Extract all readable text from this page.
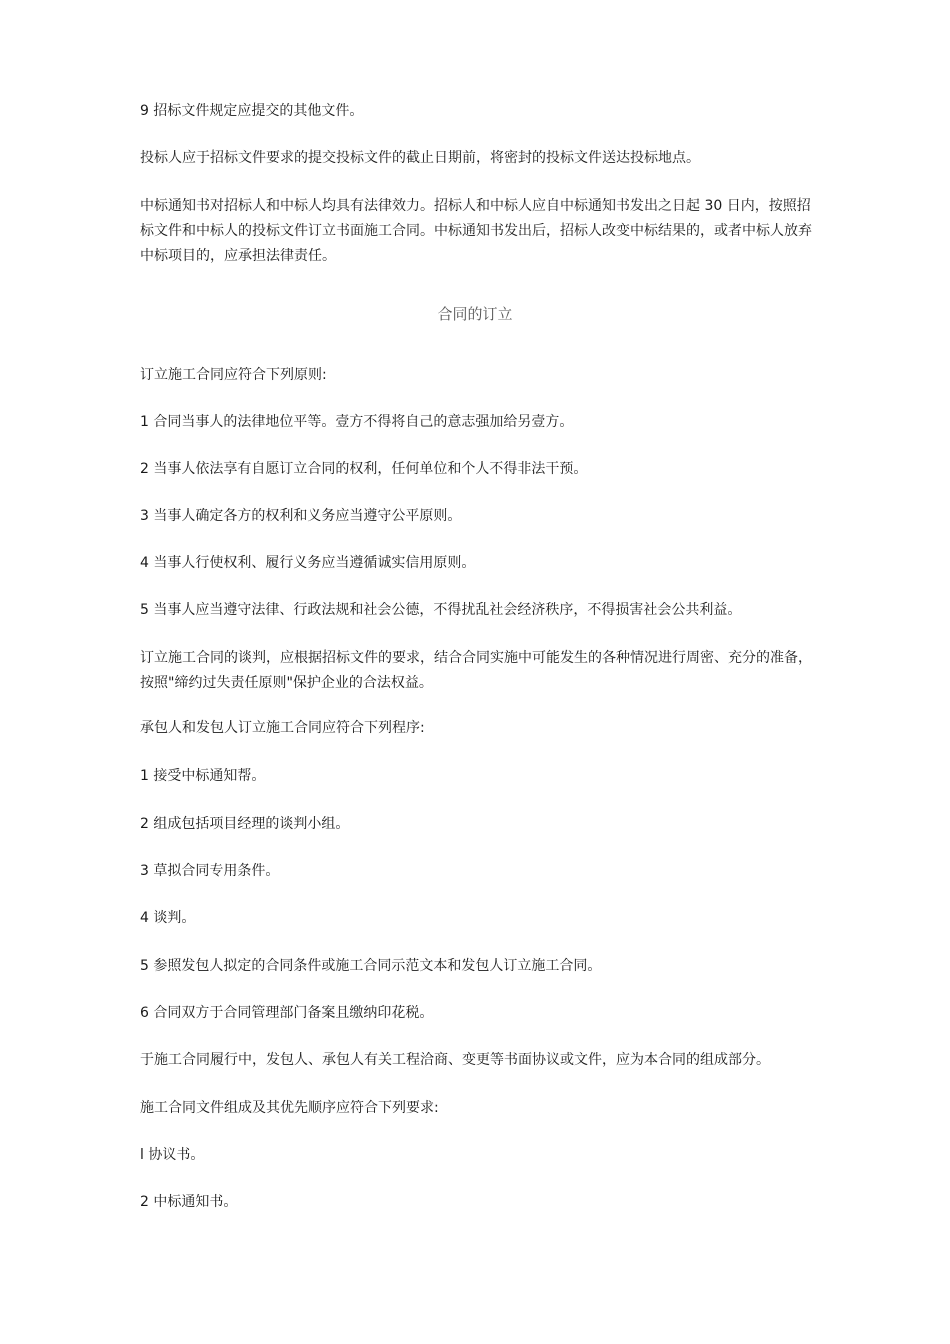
9 招标文件规定应提交的其他文件。

投标人应于招标文件要求的提交投标文件的截止日期前，将密封的投标文件送达投标地点。

中标通知书对招标人和中标人均具有法律效力。招标人和中标人应自中标通知书发出之日起 30 日内，按照招标文件和中标人的投标文件订立书面施工合同。中标通知书发出后，招标人改变中标结果的，或者中标人放弃中标项目的，应承担法律责任。

合同的订立

订立施工合同应符合下列原则:

1 合同当事人的法律地位平等。壹方不得将自己的意志强加给另壹方。

2 当事人依法享有自愿订立合同的权利，任何单位和个人不得非法干预。

3 当事人确定各方的权利和义务应当遵守公平原则。

4 当事人行使权利、履行义务应当遵循诚实信用原则。

5 当事人应当遵守法律、行政法规和社会公德，不得扰乱社会经济秩序，不得损害社会公共利益。

订立施工合同的谈判，应根据招标文件的要求，结合合同实施中可能发生的各种情况进行周密、充分的准备，按照"缔约过失责任原则"保护企业的合法权益。

承包人和发包人订立施工合同应符合下列程序:

1 接受中标通知帮。

2 组成包括项目经理的谈判小组。

3 草拟合同专用条件。

4 谈判。

5 参照发包人拟定的合同条件或施工合同示范文本和发包人订立施工合同。

6 合同双方于合同管理部门备案且缴纳印花税。

于施工合同履行中，发包人、承包人有关工程洽商、变更等书面协议或文件，应为本合同的组成部分。

施工合同文件组成及其优先顺序应符合下列要求:

l 协议书。

2 中标通知书。
